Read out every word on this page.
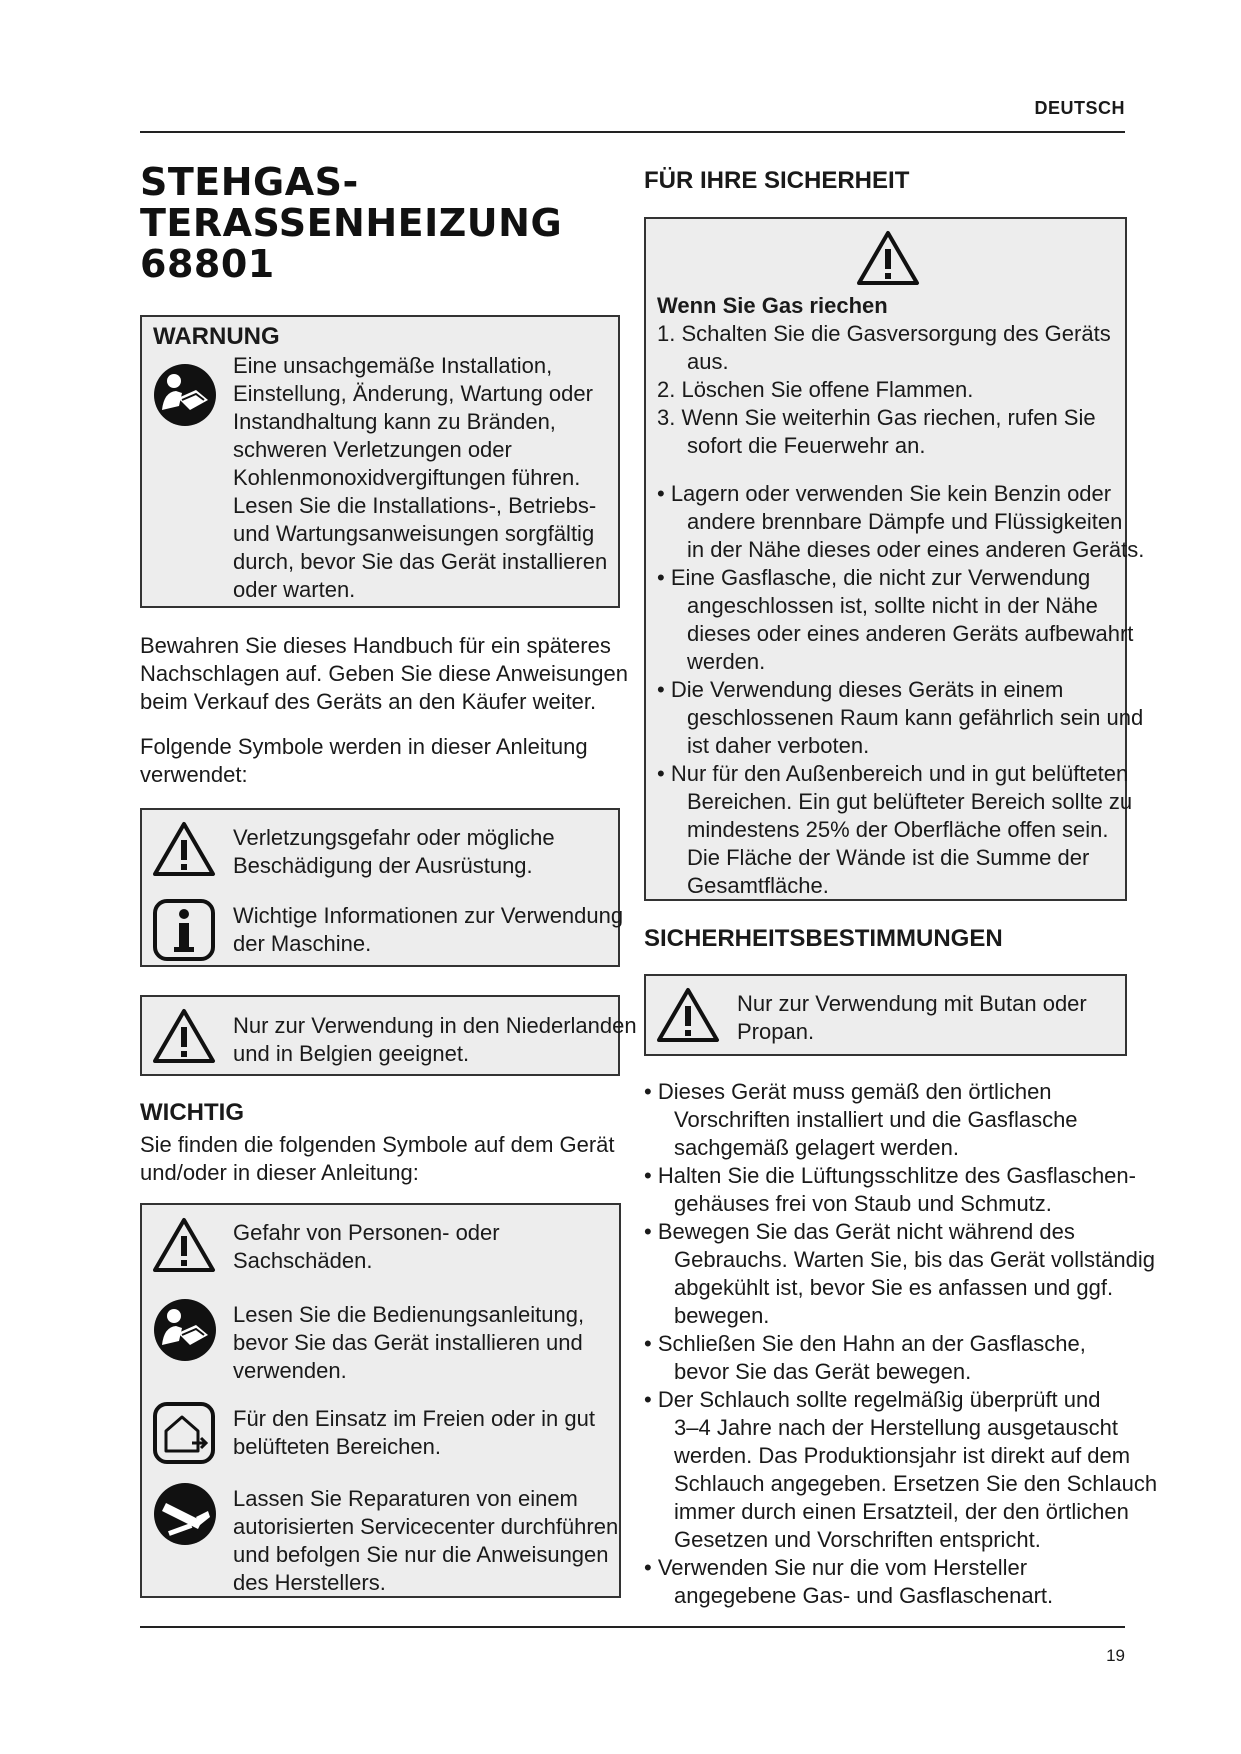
DEUTSCH
STEHGAS-
TERASSENHEIZUNG
68801
WARNUNG
Eine unsachgemäße Installation,
Einstellung, Änderung, Wartung oder
Instandhaltung kann zu Bränden,
schweren Verletzungen oder
Kohlenmonoxidvergiftungen führen.
Lesen Sie die Installations-, Betriebs-
und Wartungsanweisungen sorgfältig
durch, bevor Sie das Gerät installieren
oder warten.
Bewahren Sie dieses Handbuch für ein späteres
Nachschlagen auf. Geben Sie diese Anweisungen
beim Verkauf des Geräts an den Käufer weiter.
Folgende Symbole werden in dieser Anleitung
verwendet:
Verletzungsgefahr oder mögliche
Beschädigung der Ausrüstung.
Wichtige Informationen zur Verwendung
der Maschine.
Nur zur Verwendung in den Niederlanden
und in Belgien geeignet.
WICHTIG
Sie finden die folgenden Symbole auf dem Gerät
und/oder in dieser Anleitung:
Gefahr von Personen- oder
Sachschäden.
Lesen Sie die Bedienungsanleitung,
bevor Sie das Gerät installieren und
verwenden.
Für den Einsatz im Freien oder in gut
belüfteten Bereichen.
Lassen Sie Reparaturen von einem
autorisierten Servicecenter durchführen
und befolgen Sie nur die Anweisungen
des Herstellers.
FÜR IHRE SICHERHEIT
Wenn Sie Gas riechen
1. Schalten Sie die Gasversorgung des Geräts
aus.
2. Löschen Sie offene Flammen.
3. Wenn Sie weiterhin Gas riechen, rufen Sie
sofort die Feuerwehr an.
• Lagern oder verwenden Sie kein Benzin oder
andere brennbare Dämpfe und Flüssigkeiten
in der Nähe dieses oder eines anderen Geräts.
• Eine Gasflasche, die nicht zur Verwendung
angeschlossen ist, sollte nicht in der Nähe
dieses oder eines anderen Geräts aufbewahrt
werden.
• Die Verwendung dieses Geräts in einem
geschlossenen Raum kann gefährlich sein und
ist daher verboten.
• Nur für den Außenbereich und in gut belüfteten
Bereichen. Ein gut belüfteter Bereich sollte zu
mindestens 25% der Oberfläche offen sein.
Die Fläche der Wände ist die Summe der
Gesamtfläche.
SICHERHEITSBESTIMMUNGEN
Nur zur Verwendung mit Butan oder
Propan.
• Dieses Gerät muss gemäß den örtlichen
Vorschriften installiert und die Gasflasche
sachgemäß gelagert werden.
• Halten Sie die Lüftungsschlitze des Gasflaschen-
gehäuses frei von Staub und Schmutz.
• Bewegen Sie das Gerät nicht während des
Gebrauchs. Warten Sie, bis das Gerät vollständig
abgekühlt ist, bevor Sie es anfassen und ggf.
bewegen.
• Schließen Sie den Hahn an der Gasflasche,
bevor Sie das Gerät bewegen.
• Der Schlauch sollte regelmäßig überprüft und
3–4 Jahre nach der Herstellung ausgetauscht
werden. Das Produktionsjahr ist direkt auf dem
Schlauch angegeben. Ersetzen Sie den Schlauch
immer durch einen Ersatzteil, der den örtlichen
Gesetzen und Vorschriften entspricht.
• Verwenden Sie nur die vom Hersteller
angegebene Gas- und Gasflaschenart.
19
